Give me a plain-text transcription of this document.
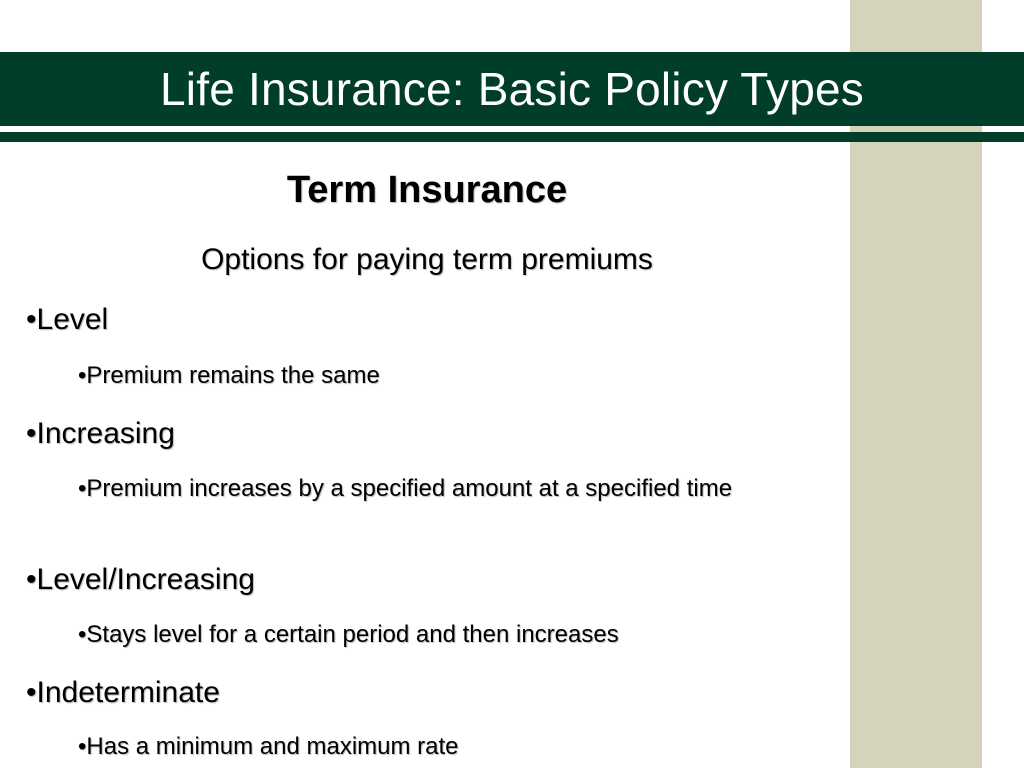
Life Insurance: Basic Policy Types
Term Insurance
Options for paying term premiums
•Level
•Premium remains the same
•Increasing
•Premium increases by a specified amount at a specified time
•Level/Increasing
•Stays level for a certain period and then increases
•Indeterminate
•Has a minimum and maximum rate
